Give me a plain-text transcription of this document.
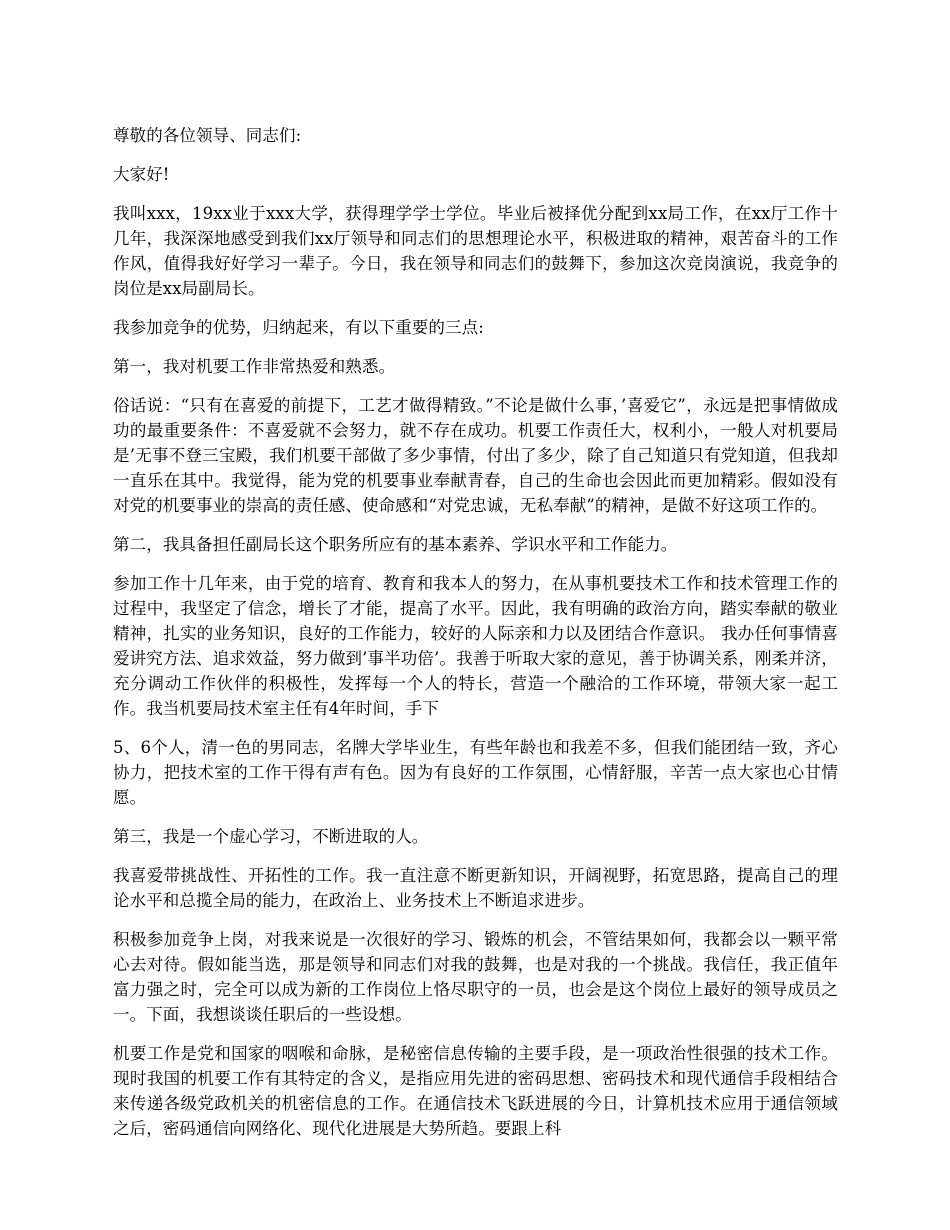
尊敬的各位领导、同志们:

大家好!

我叫xxx，19xx业于xxx大学，获得理学学士学位。毕业后被择优分配到xx局工作，在xx厅工作十几年，我深深地感受到我们xx厅领导和同志们的思想理论水平，积极进取的精神，艰苦奋斗的工作作风，值得我好好学习一辈子。今日，我在领导和同志们的鼓舞下，参加这次竞岗演说，我竞争的岗位是xx局副局长。

我参加竞争的优势，归纳起来，有以下重要的三点:

第一，我对机要工作非常热爱和熟悉。

俗话说：“只有在喜爱的前提下，工艺才做得精致。”不论是做什么事，’喜爱它”，永远是把事情做成功的最重要条件：不喜爱就不会努力，就不存在成功。机要工作责任大，权利小，一般人对机要局是’无事不登三宝殿，我们机要干部做了多少事情，付出了多少，除了自己知道只有党知道，但我却一直乐在其中。我觉得，能为党的机要事业奉献青春，自己的生命也会因此而更加精彩。假如没有对党的机要事业的崇高的责任感、使命感和“对党忠诚，无私奉献”的精神，是做不好这项工作的。

第二，我具备担任副局长这个职务所应有的基本素养、学识水平和工作能力。

参加工作十几年来，由于党的培育、教育和我本人的努力，在从事机要技术工作和技术管理工作的过程中，我坚定了信念，增长了才能，提高了水平。因此，我有明确的政治方向，踏实奉献的敬业精神，扎实的业务知识，良好的工作能力，较好的人际亲和力以及团结合作意识。 我办任何事情喜爱讲究方法、追求效益，努力做到’事半功倍’。我善于听取大家的意见，善于协调关系，刚柔并济，充分调动工作伙伴的积极性，发挥每一个人的特长，营造一个融洽的工作环境，带领大家一起工作。我当机要局技术室主任有4年时间，手下

5、6个人，清一色的男同志，名牌大学毕业生，有些年龄也和我差不多，但我们能团结一致，齐心协力，把技术室的工作干得有声有色。因为有良好的工作氛围，心情舒服，辛苦一点大家也心甘情愿。

第三，我是一个虚心学习，不断进取的人。

我喜爱带挑战性、开拓性的工作。我一直注意不断更新知识，开阔视野，拓宽思路，提高自己的理论水平和总揽全局的能力，在政治上、业务技术上不断追求进步。

积极参加竞争上岗，对我来说是一次很好的学习、锻炼的机会，不管结果如何，我都会以一颗平常心去对待。假如能当选，那是领导和同志们对我的鼓舞，也是对我的一个挑战。我信任，我正值年富力强之时，完全可以成为新的工作岗位上恪尽职守的一员，也会是这个岗位上最好的领导成员之一。下面，我想谈谈任职后的一些设想。

机要工作是党和国家的咽喉和命脉，是秘密信息传输的主要手段，是一项政治性很强的技术工作。现时我国的机要工作有其特定的含义，是指应用先进的密码思想、密码技术和现代通信手段相结合来传递各级党政机关的机密信息的工作。在通信技术飞跃进展的今日，计算机技术应用于通信领域之后，密码通信向网络化、现代化进展是大势所趋。要跟上科
